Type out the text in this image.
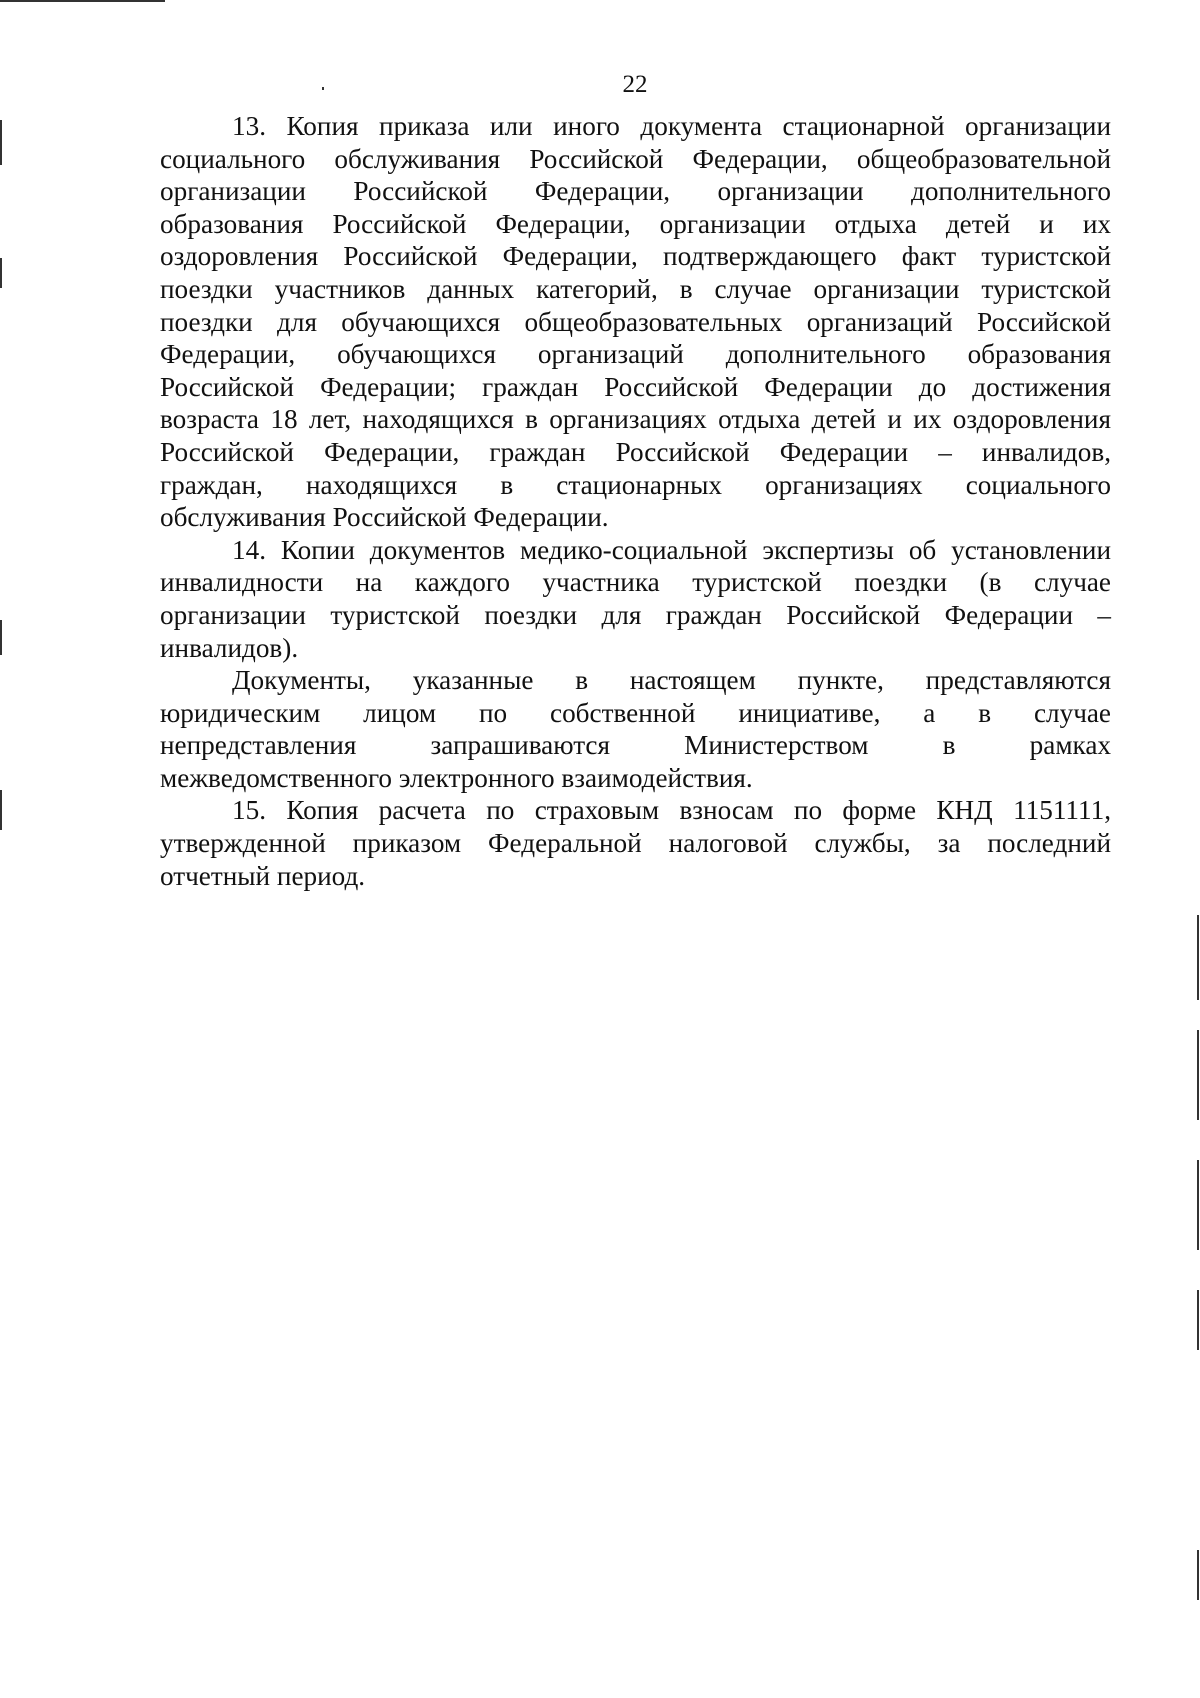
22
13. Копия приказа или иного документа стационарной организации
социального обслуживания Российской Федерации, общеобразовательной
организации Российской Федерации, организации дополнительного
образования Российской Федерации, организации отдыха детей и их
оздоровления Российской Федерации, подтверждающего факт туристской
поездки участников данных категорий, в случае организации туристской
поездки для обучающихся общеобразовательных организаций Российской
Федерации, обучающихся организаций дополнительного образования
Российской Федерации; граждан Российской Федерации до достижения
возраста 18 лет, находящихся в организациях отдыха детей и их оздоровления
Российской Федерации, граждан Российской Федерации – инвалидов,
граждан, находящихся в стационарных организациях социального
обслуживания Российской Федерации.
14. Копии документов медико-социальной экспертизы об установлении
инвалидности на каждого участника туристской поездки (в случае
организации туристской поездки для граждан Российской Федерации –
инвалидов).
Документы, указанные в настоящем пункте, представляются
юридическим лицом по собственной инициативе, а в случае
непредставления запрашиваются Министерством в рамках
межведомственного электронного взаимодействия.
15. Копия расчета по страховым взносам по форме КНД 1151111,
утвержденной приказом Федеральной налоговой службы, за последний
отчетный период.
